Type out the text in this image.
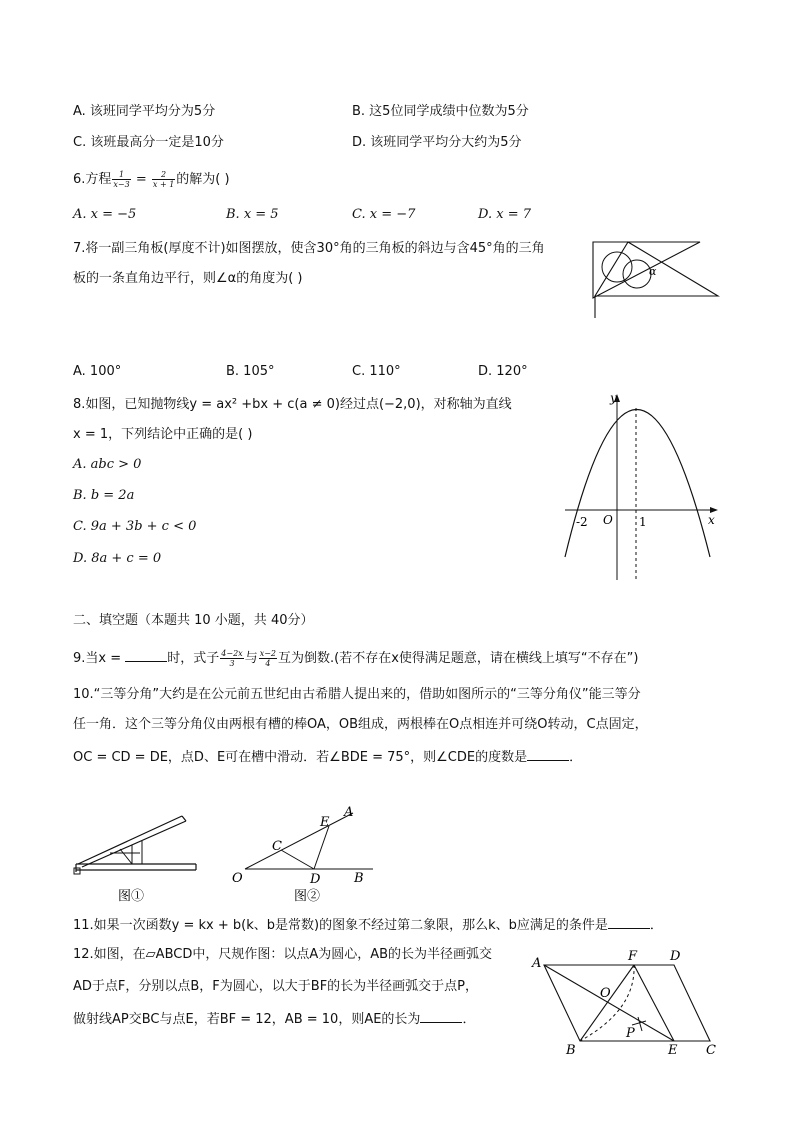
A. 该班同学平均分为5分	B. 这5位同学成绩中位数为5分
C. 该班最高分一定是10分	D. 该班同学平均分大约为5分
6.方程 $\frac{1}{x-3} = \frac{2}{x + 1}$ 的解为( )
A. x = −5	B. x = 5	C. x = −7	D. x = 7
7.将一副三角板(厚度不计)如图摆放，使含30°角的三角板的斜边与含45°角的三角
板的一条直角边平行，则∠α的角度为( )	α
A. 100°	B. 105°	C. 110°	D. 120°
8.如图，已知抛物线y = ax² +bx + c(a ≠ 0)经过点(−2,0)，对称轴为直线
x = 1，下列结论中正确的是( )
A. abc > 0
B. b = 2a
C. 9a + 3b + c < 0
D. 8a + c = 0
y
x
O
-2	1
二、填空题（本题共 10 小题，共 40分）
9.当x =	时，式子 $\frac{4-2x}{3}$ 与 $\frac{x-2}{4}$ 互为倒数.(若不存在x使得满足题意，请在横线上填写“不存在”)
10.“三等分角”大约是在公元前五世纪由古希腊人提出来的，借助如图所示的“三等分角仪”能三等分
任一角．这个三等分角仪由两根有槽的棒OA，OB组成，两根棒在O点相连并可绕O转动，C点固定，
OC = CD = DE，点D、E可在槽中滑动．若∠BDE = 75°，则∠CDE的度数是	．
图①
O
C
D
E
A
B
图②
11.如果一次函数y = kx + b(k、b是常数)的图象不经过第二象限，那么k、b应满足的条件是	．
12.如图，在▱ABCD中，尺规作图：以点A为圆心，AB的长为半径画弧交
AD于点F，分别以点B，F为圆心，以大于BF的长为半径画弧交于点P，
做射线AP交BC与点E，若BF = 12，AB = 10，则AE的长为	．
A	F	D
O
P
B	E C
